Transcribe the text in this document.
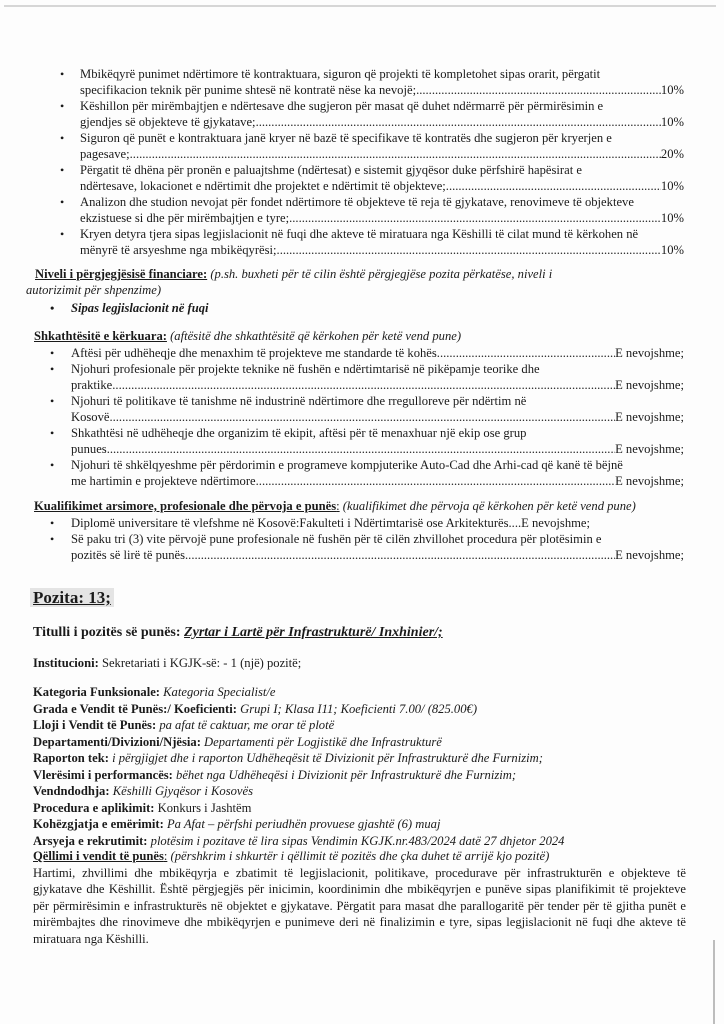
• Mbikëqyrë punimet ndërtimore të kontraktuara, siguron që projekti të kompletohet sipas orarit, përgatit
specifikacion teknik për punime shtesë në kontratë nëse ka nevojë; .....	10%
• Këshillon për mirëmbajtjen e ndërtesave dhe sugjeron për masat që duhet ndërmarrë për përmirësimin e
gjendjes së objekteve të gjykatave; .....	10%
• Siguron që punët e kontraktuara janë kryer në bazë të specifikave të kontratës dhe sugjeron për kryerjen e
pagesave; .....	20%
• Përgatit të dhëna për pronën e paluajtshme (ndërtesat) e sistemit gjyqësor duke përfshirë hapësirat e
ndërtesave, lokacionet e ndërtimit dhe projektet e ndërtimit të objekteve; .....	10%
• Analizon dhe studion nevojat për fondet ndërtimore të objekteve të reja të gjykatave, renovimeve të objekteve
ekzistuese si dhe për mirëmbajtjen e tyre; .....	10%
• Kryen detyra tjera sipas legjislacionit në fuqi dhe akteve të miratuara nga Këshilli të cilat mund të kërkohen në
mënyrë të arsyeshme nga mbikëqyrësi; .....	10%
Niveli i përgjegjësisë financiare: (p.sh. buxheti për të cilin është përgjegjëse pozita përkatëse, niveli i
autorizimit për shpenzime)
• Sipas legjislacionit në fuqi
Shkathtësitë e kërkuara: (aftësitë dhe shkathtësitë që kërkohen për ketë vend pune)
• Aftësi për udhëheqje dhe menaxhim të projekteve me standarde të kohës .....	E nevojshme;
• Njohuri profesionale për projekte teknike në fushën e ndërtimtarisë në pikëpamje teorike dhe
praktike .....	E nevojshme;
• Njohuri të politikave të tanishme në industrinë ndërtimore dhe rregulloreve për ndërtim në
Kosovë .....	E nevojshme;
• Shkathtësi në udhëheqje dhe organizim të ekipit, aftësi për të menaxhuar një ekip ose grup
punues .....	E nevojshme;
• Njohuri të shkëlqyeshme për përdorimin e programeve kompjuterike Auto-Cad dhe Arhi-cad që kanë të bëjnë
me hartimin e projekteve ndërtimore .....	E nevojshme;
Kualifikimet arsimore, profesionale dhe përvoja e punës: (kualifikimet dhe përvoja që kërkohen për ketë vend pune)
• Diplomë universitare të vlefshme në Kosovë:Fakulteti i Ndërtimtarisë ose Arkitekturës....E nevojshme;
• Së paku tri (3) vite përvojë pune profesionale në fushën për të cilën zhvillohet procedura për plotësimin e
pozitës së lirë të punës .....	E nevojshme;
Pozita: 13;
Titulli i pozitës së punës: Zyrtar i Lartë për Infrastrukturë/ Inxhinier/;
Institucioni: Sekretariati i KGJK-së: - 1 (një) pozitë;
Kategoria Funksionale: Kategoria Specialist/e
Grada e Vendit të Punës:/ Koeficienti: Grupi I; Klasa I11; Koeficienti 7.00/ (825.00€)
Lloji i Vendit të Punës: pa afat të caktuar, me orar të plotë
Departamenti/Divizioni/Njësia: Departamenti për Logjistikë dhe Infrastrukturë
Raporton tek: i përgjigjet dhe i raporton Udhëheqësit të Divizionit për Infrastrukturë dhe Furnizim;
Vlerësimi i performancës: bëhet nga Udhëheqësi i Divizionit për Infrastrukturë dhe Furnizim;
Vendndodhja: Këshilli Gjyqësor i Kosovës
Procedura e aplikimit: Konkurs i Jashtëm
Kohëzgjatja e emërimit: Pa Afat – përfshi periudhën provuese gjashtë (6) muaj
Arsyeja e rekrutimit: plotësim i pozitave të lira sipas Vendimin KGJK.nr.483/2024 datë 27 dhjetor 2024
Qëllimi i vendit të punës: (përshkrim i shkurtër i qëllimit të pozitës dhe çka duhet të arrijë kjo pozitë)
Hartimi, zhvillimi dhe mbikëqyrja e zbatimit të legjislacionit, politikave, procedurave për infrastrukturën e objekteve të gjykatave dhe Këshillit. Është përgjegjës për inicimin, koordinimin dhe mbikëqyrjen e punëve sipas planifikimit të projekteve për përmirësimin e infrastrukturës në objektet e gjykatave. Përgatit para masat dhe parallogaritë për tender për të gjitha punët e mirëmbajtes dhe rinovimeve dhe mbikëqyrjen e punimeve deri në finalizimin e tyre, sipas legjislacionit në fuqi dhe akteve të miratuara nga Këshilli.
